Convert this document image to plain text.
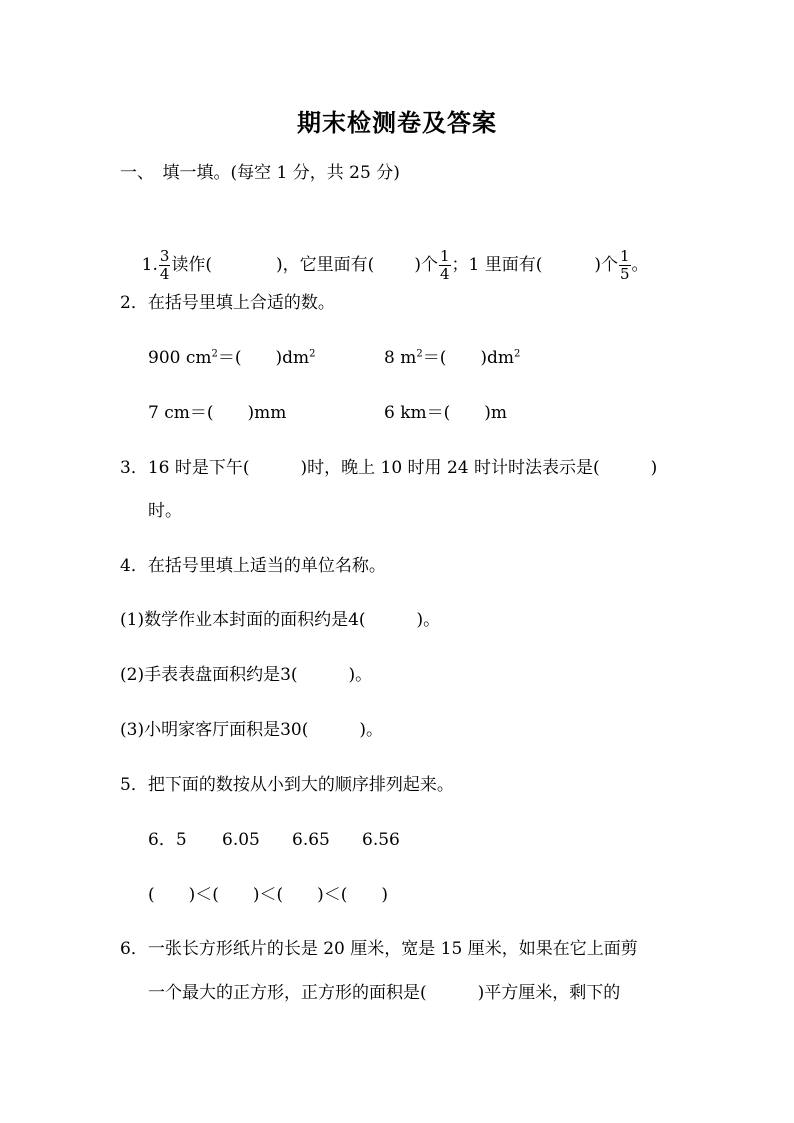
期末检测卷及答案
一、　填一填。(每空 1 分，共 25 分)

1. $\frac{3}{4}$ 读作(	)，它里面有( )个 $\frac{1}{4}$ ；1 里面有(	)个 $\frac{1}{5}$ 。

2．在括号里填上合适的数。
900 $cm^2=$(　　)$dm^2$	8 $m^2=$(　　)$dm^2$
7 cm＝(　　)mm	6 km＝(　　)m
3．16 时是下午(　　　)时，晚上 10 时用 24 时计时法表示是(　　　)
时。
4．在括号里填上适当的单位名称。
(1)数学作业本封面的面积约是4(　　　)。
(2)手表表盘面积约是3(　　　)。
(3)小明家客厅面积是30(　　　)。
5．把下面的数按从小到大的顺序排列起来。
6．5 6.05 6.65 6.56
(　　)＜(　　)＜(　　)＜(　　)
6．一张长方形纸片的长是 20 厘米，宽是 15 厘米，如果在它上面剪
一个最大的正方形，正方形的面积是(　　　)平方厘米，剩下的
